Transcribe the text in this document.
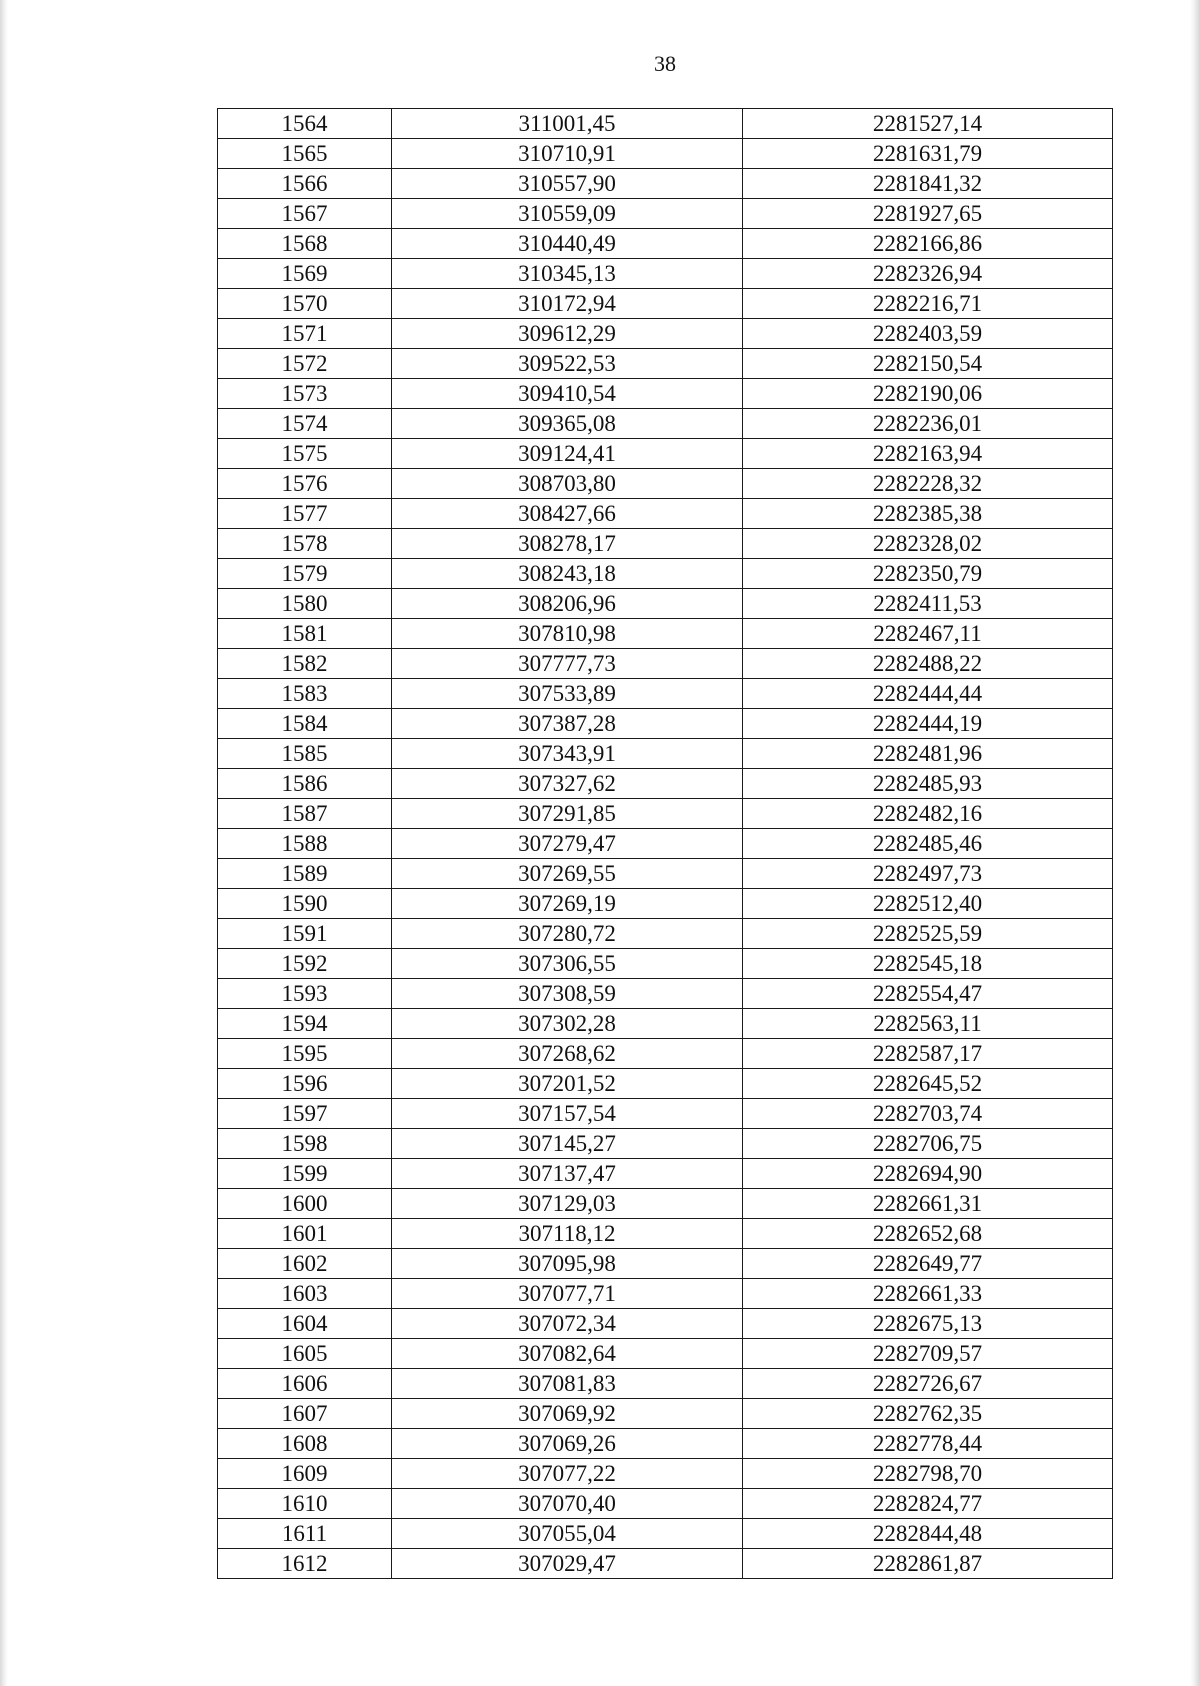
38
1564	311001,45	2281527,14
1565	310710,91	2281631,79
1566	310557,90	2281841,32
1567	310559,09	2281927,65
1568	310440,49	2282166,86
1569	310345,13	2282326,94
1570	310172,94	2282216,71
1571	309612,29	2282403,59
1572	309522,53	2282150,54
1573	309410,54	2282190,06
1574	309365,08	2282236,01
1575	309124,41	2282163,94
1576	308703,80	2282228,32
1577	308427,66	2282385,38
1578	308278,17	2282328,02
1579	308243,18	2282350,79
1580	308206,96	2282411,53
1581	307810,98	2282467,11
1582	307777,73	2282488,22
1583	307533,89	2282444,44
1584	307387,28	2282444,19
1585	307343,91	2282481,96
1586	307327,62	2282485,93
1587	307291,85	2282482,16
1588	307279,47	2282485,46
1589	307269,55	2282497,73
1590	307269,19	2282512,40
1591	307280,72	2282525,59
1592	307306,55	2282545,18
1593	307308,59	2282554,47
1594	307302,28	2282563,11
1595	307268,62	2282587,17
1596	307201,52	2282645,52
1597	307157,54	2282703,74
1598	307145,27	2282706,75
1599	307137,47	2282694,90
1600	307129,03	2282661,31
1601	307118,12	2282652,68
1602	307095,98	2282649,77
1603	307077,71	2282661,33
1604	307072,34	2282675,13
1605	307082,64	2282709,57
1606	307081,83	2282726,67
1607	307069,92	2282762,35
1608	307069,26	2282778,44
1609	307077,22	2282798,70
1610	307070,40	2282824,77
1611	307055,04	2282844,48
1612	307029,47	2282861,87
